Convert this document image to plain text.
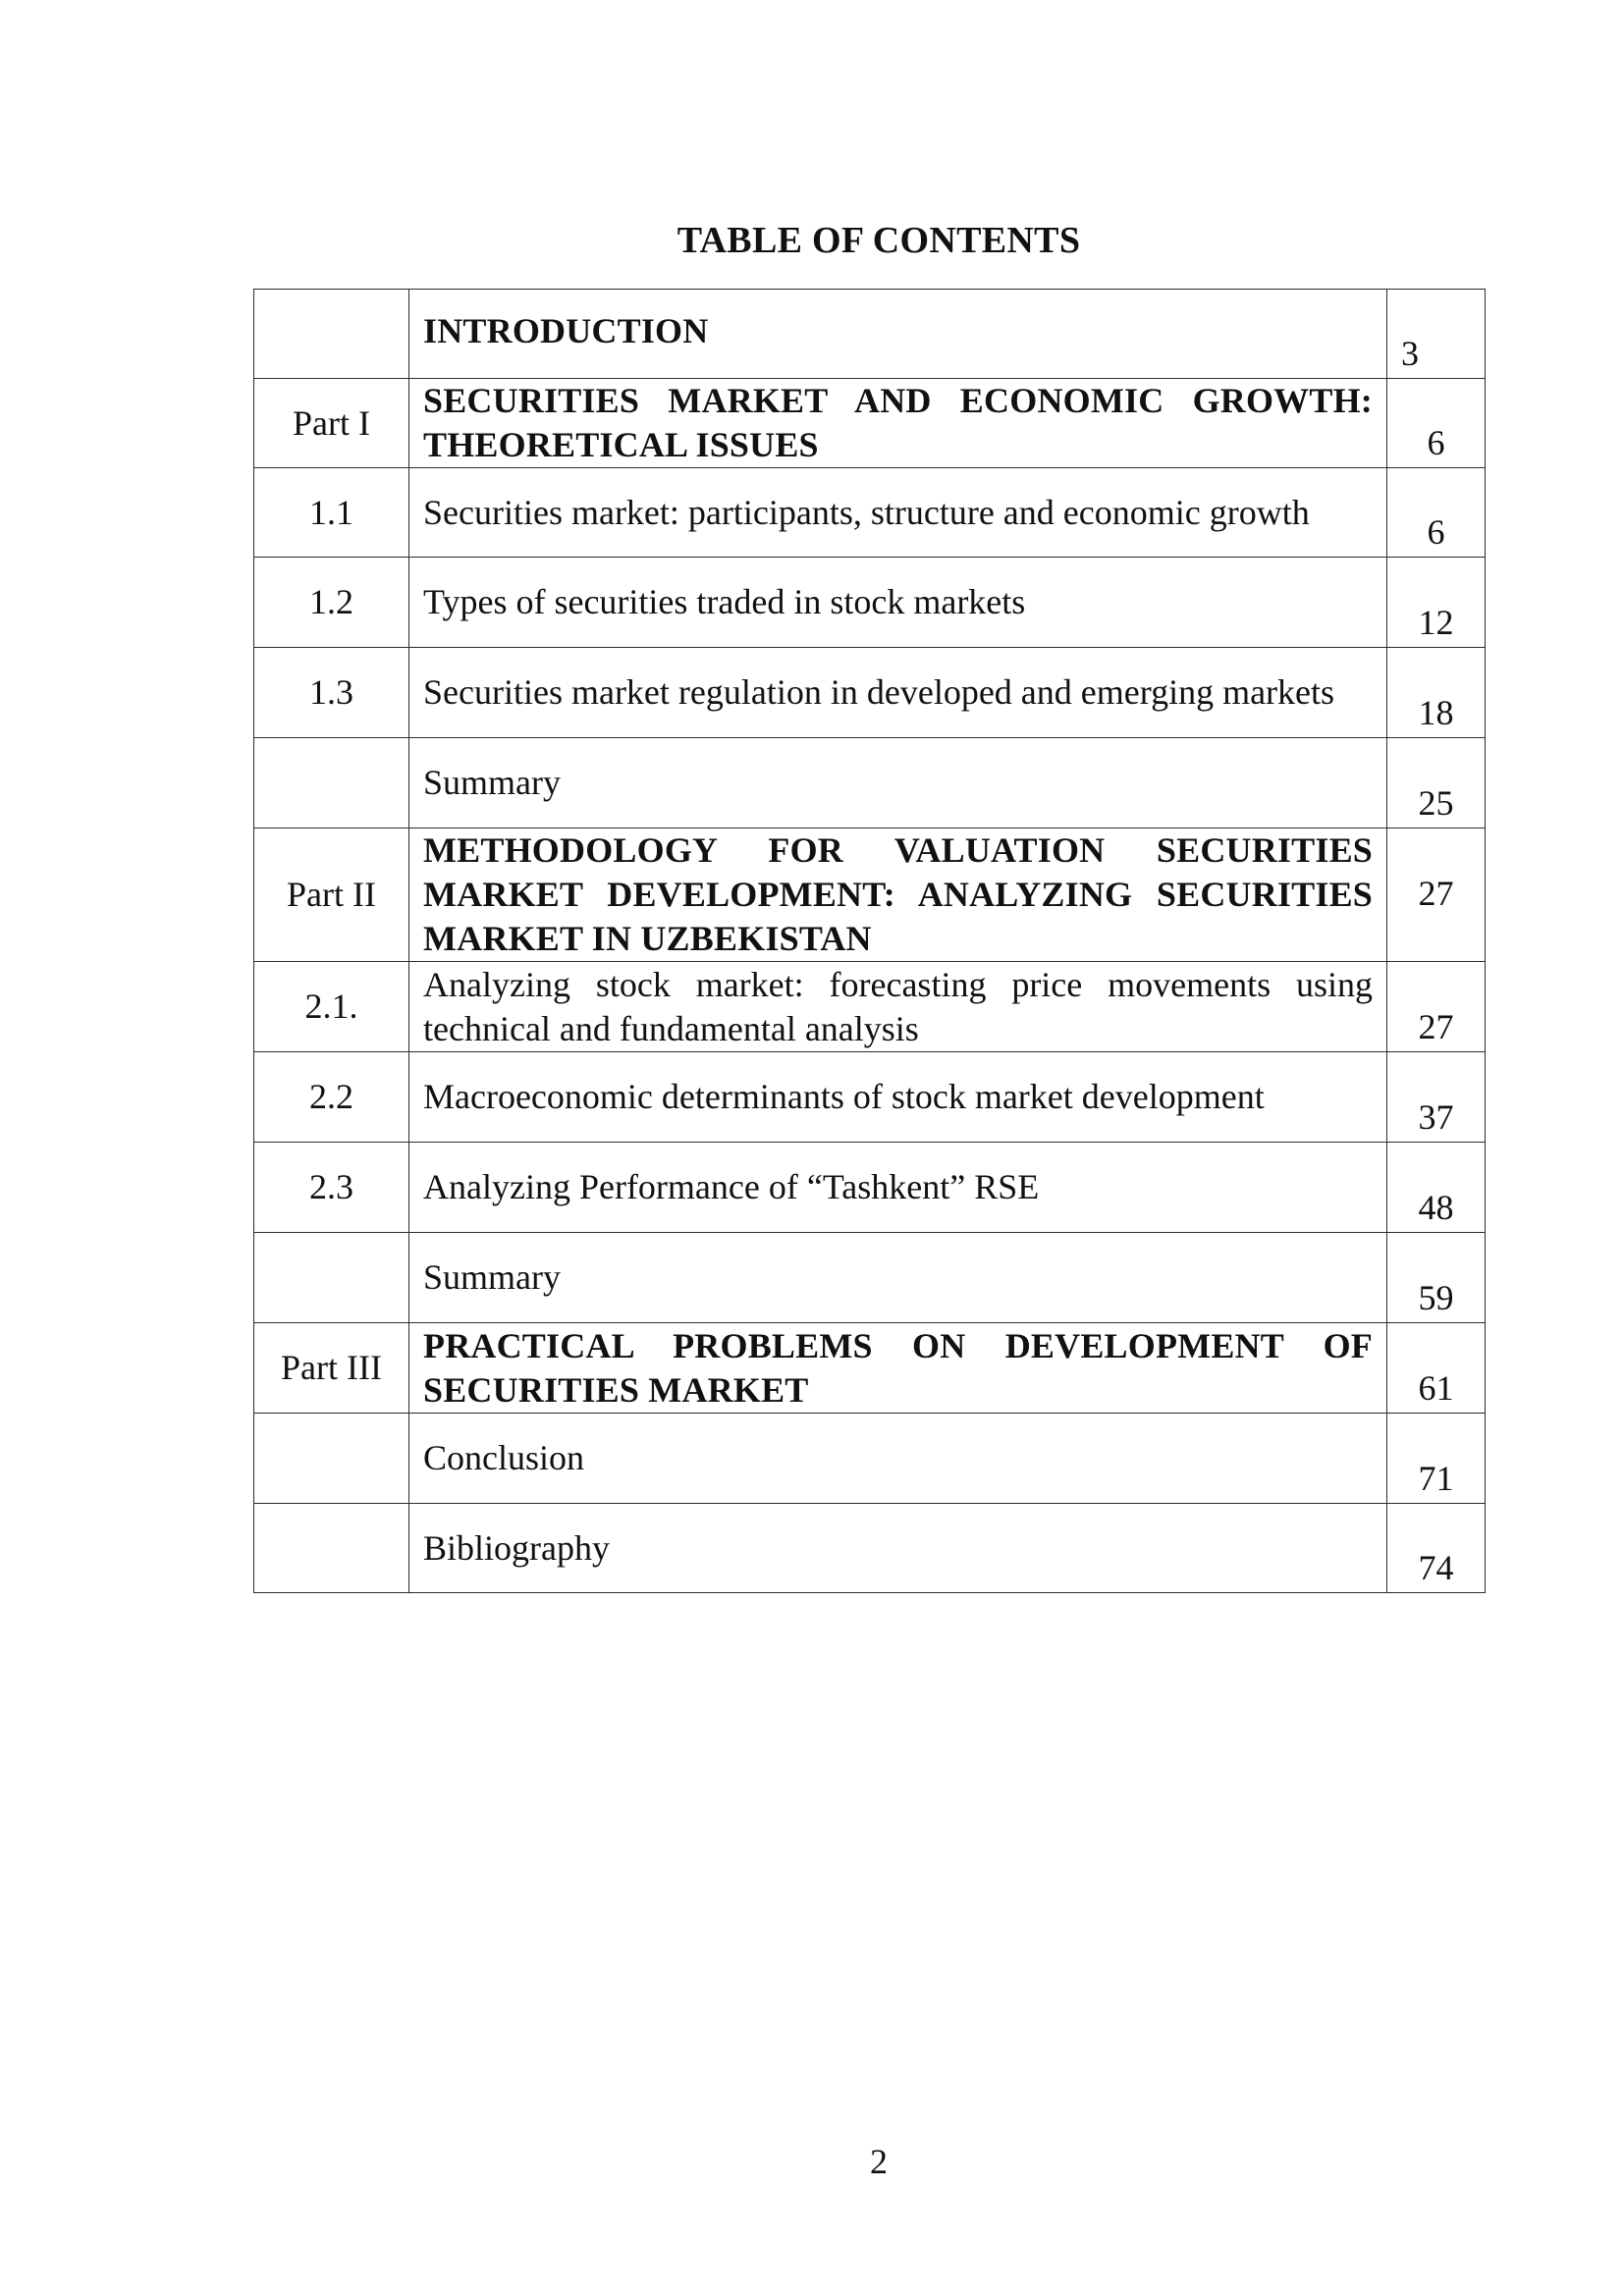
TABLE OF CONTENTS
	INTRODUCTION	3
Part I	SECURITIES MARKET AND ECONOMIC GROWTH: THEORETICAL ISSUES	6
1.1	Securities market: participants, structure and economic growth	6
1.2	Types of securities traded in stock markets	12
1.3	Securities market regulation in developed and emerging markets	18
	Summary	25
Part II	METHODOLOGY FOR VALUATION SECURITIES MARKET DEVELOPMENT: ANALYZING SECURITIES MARKET IN UZBEKISTAN	27
2.1.	Analyzing stock market: forecasting price movements using technical and fundamental analysis	27
2.2	Macroeconomic determinants of stock market development	37
2.3	Analyzing Performance of “Tashkent” RSE	48
	Summary	59
Part III	PRACTICAL PROBLEMS ON DEVELOPMENT OF SECURITIES MARKET	61
	Conclusion	71
	Bibliography	74
2
